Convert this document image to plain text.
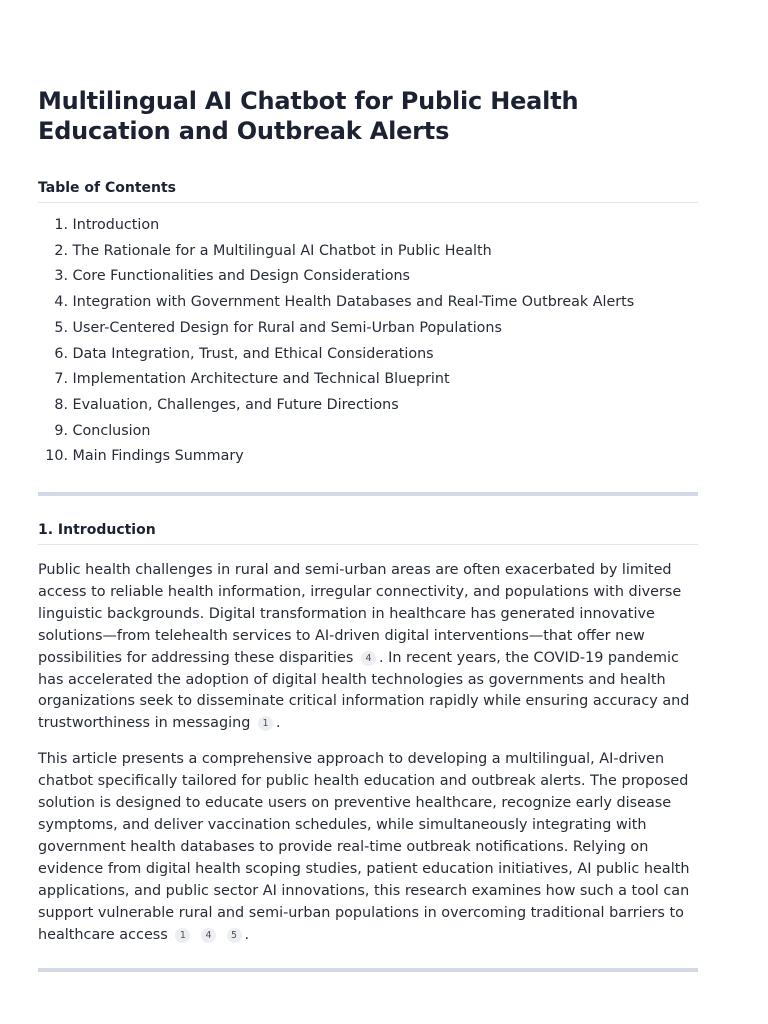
Multilingual AI Chatbot for Public Health Education and Outbreak Alerts
Table of Contents
1.
Introduction
2.
The Rationale for a Multilingual AI Chatbot in Public Health
3.
Core Functionalities and Design Considerations
4.
Integration with Government Health Databases and Real-Time Outbreak Alerts
5.
User-Centered Design for Rural and Semi-Urban Populations
6.
Data Integration, Trust, and Ethical Considerations
7.
Implementation Architecture and Technical Blueprint
8.
Evaluation, Challenges, and Future Directions
9.
Conclusion
10.
Main Findings Summary
1. Introduction

Public health challenges in rural and semi-urban areas are often exacerbated by limited access to reliable health information, irregular connectivity, and populations with diverse linguistic backgrounds. Digital transformation in healthcare has generated innovative solutions—from telehealth services to AI-driven digital interventions—that offer new possibilities for addressing these disparities 4 . In recent years, the COVID-19 pandemic has accelerated the adoption of digital health technologies as governments and health organizations seek to disseminate critical information rapidly while ensuring accuracy and trustworthiness in messaging 1 .

This article presents a comprehensive approach to developing a multilingual, AI-driven chatbot specifically tailored for public health education and outbreak alerts. The proposed solution is designed to educate users on preventive healthcare, recognize early disease symptoms, and deliver vaccination schedules, while simultaneously integrating with government health databases to provide real-time outbreak notifications. Relying on evidence from digital health scoping studies, patient education initiatives, AI public health applications, and public sector AI innovations, this research examines how such a tool can support vulnerable rural and semi-urban populations in overcoming traditional barriers to healthcare access 1 4 5 .
